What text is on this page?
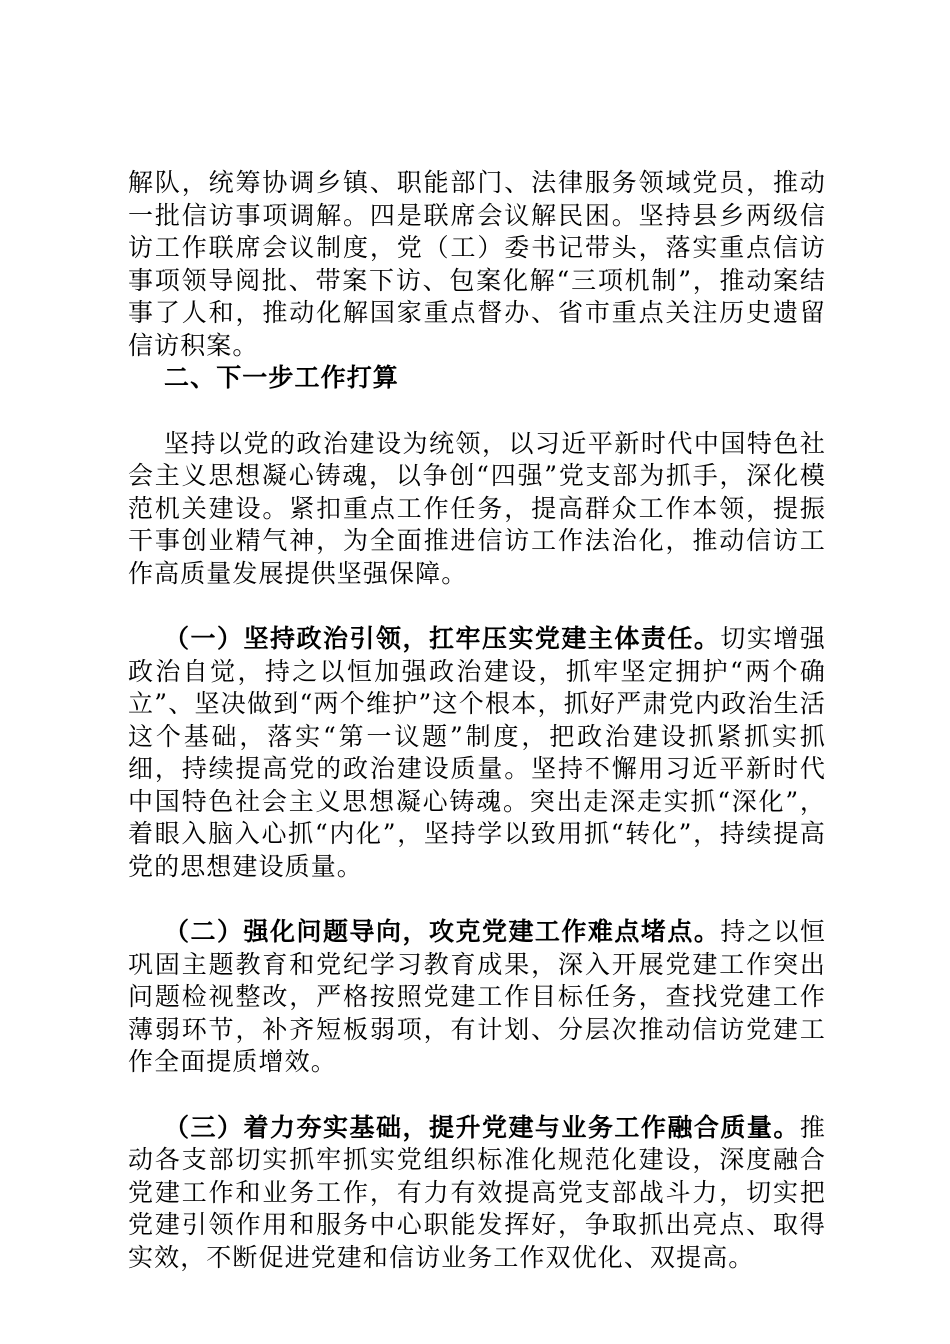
解队，统筹协调乡镇、职能部门、法律服务领域党员，推动一批信访事项调解。四是联席会议解民困。坚持县乡两级信访工作联席会议制度，党（工）委书记带头，落实重点信访事项领导阅批、带案下访、包案化解“三项机制”，推动案结事了人和，推动化解国家重点督办、省市重点关注历史遗留信访积案。

二、下一步工作打算

坚持以党的政治建设为统领，以习近平新时代中国特色社会主义思想凝心铸魂，以争创“四强”党支部为抓手，深化模范机关建设。紧扣重点工作任务，提高群众工作本领，提振干事创业精气神，为全面推进信访工作法治化，推动信访工作高质量发展提供坚强保障。

（一）坚持政治引领，扛牢压实党建主体责任。切实增强政治自觉，持之以恒加强政治建设，抓牢坚定拥护“两个确立”、坚决做到“两个维护”这个根本，抓好严肃党内政治生活这个基础，落实“第一议题”制度，把政治建设抓紧抓实抓细，持续提高党的政治建设质量。坚持不懈用习近平新时代中国特色社会主义思想凝心铸魂。突出走深走实抓“深化”，着眼入脑入心抓“内化”，坚持学以致用抓“转化”，持续提高党的思想建设质量。

（二）强化问题导向，攻克党建工作难点堵点。持之以恒巩固主题教育和党纪学习教育成果，深入开展党建工作突出问题检视整改，严格按照党建工作目标任务，查找党建工作薄弱环节，补齐短板弱项，有计划、分层次推动信访党建工作全面提质增效。

（三）着力夯实基础，提升党建与业务工作融合质量。推动各支部切实抓牢抓实党组织标准化规范化建设，深度融合党建工作和业务工作，有力有效提高党支部战斗力，切实把党建引领作用和服务中心职能发挥好，争取抓出亮点、取得实效，不断促进党建和信访业务工作双优化、双提高。
